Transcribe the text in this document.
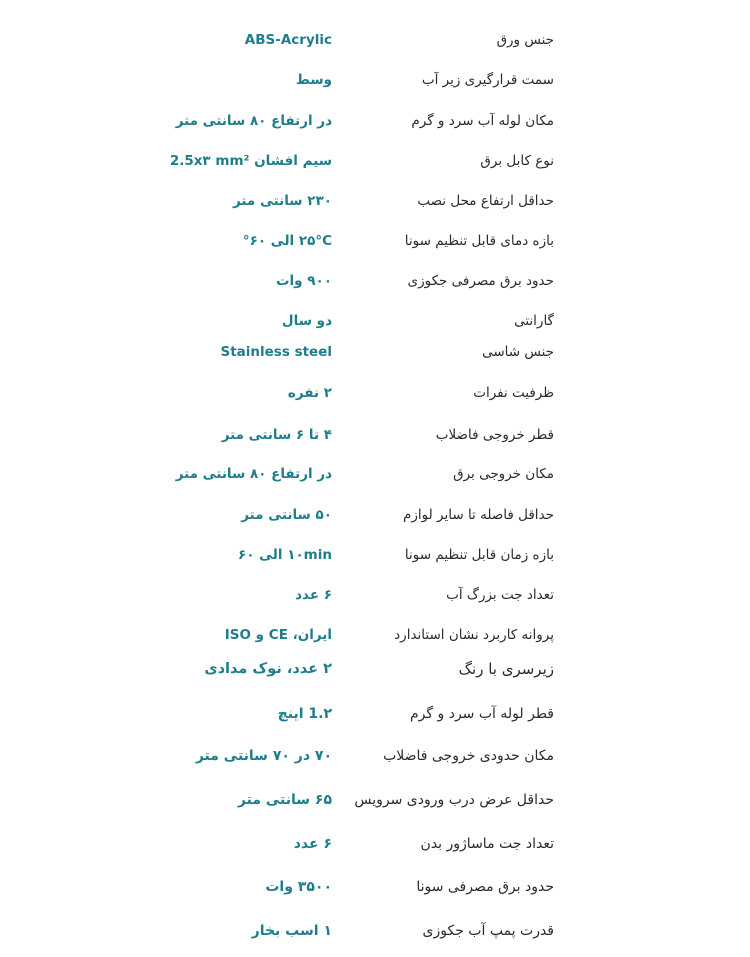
جنس ورق
ABS-Acrylic
سمت قرارگیری زیر آب
وسط
مکان لوله آب سرد و گرم
در ارتفاع ۸۰ سانتی متر
نوع کابل برق
سیم افشان 2.5x۳ mm²
حداقل ارتفاع محل نصب
۲۳۰ سانتی متر
بازه دمای قابل تنظیم سونا
۲۵°C الی ۶۰°
حدود برق مصرفی جکوزی
۹۰۰ وات
گارانتی
دو سال
جنس شاسی
Stainless steel
ظرفیت نفرات
۲ نفره
قطر خروجی فاضلاب
۴ تا ۶ سانتی متر
مکان خروجی برق
در ارتفاع ۸۰ سانتی متر
حداقل فاصله تا سایر لوازم
۵۰ سانتی متر
بازه زمان قابل تنظیم سونا
۱۰min الی ۶۰
تعداد جت بزرگ آب
۶ عدد
پروانه کاربرد نشان استاندارد
ایران، CE و ISO
زیرسری با رنگ
۲ عدد، نوک مدادی
قطر لوله آب سرد و گرم
1.۲ اینچ
مکان حدودی خروجی فاضلاب
۷۰ در ۷۰ سانتی متر
حداقل عرض درب ورودی سرویس
۶۵ سانتی متر
تعداد جت ماساژور بدن
۶ عدد
حدود برق مصرفی سونا
۳۵۰۰ وات
قدرت پمپ آب جکوزی
۱ اسب بخار
